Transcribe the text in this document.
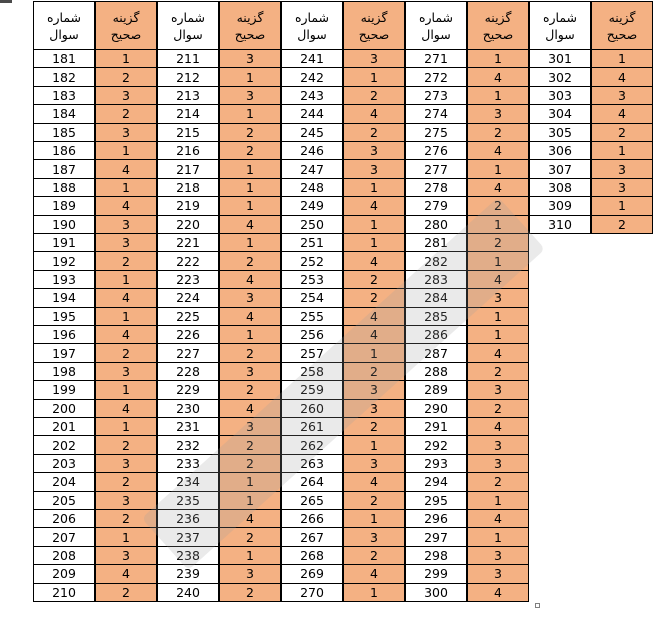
شماره
سوال
181
182
183
184
185
186
187
188
189
190
191
192
193
194
195
196
197
198
199
200
201
202
203
204
205
206
207
208
209
210
گزینه
صحیح
1
2
3
2
3
1
4
1
4
3
3
2
1
4
1
4
2
3
1
4
1
2
3
2
3
2
1
3
4
2
شماره
سوال
211
212
213
214
215
216
217
218
219
220
221
222
223
224
225
226
227
228
229
230
231
232
233
234
235
236
237
238
239
240
گزینه
صحیح
3
1
3
1
2
2
1
1
1
4
1
2
4
3
4
1
2
3
2
4
3
2
2
1
1
4
2
1
3
2
شماره
سوال
241
242
243
244
245
246
247
248
249
250
251
252
253
254
255
256
257
258
259
260
261
262
263
264
265
266
267
268
269
270
گزینه
صحیح
3
1
2
4
2
3
3
1
4
1
1
4
2
2
4
4
1
2
3
3
2
1
3
4
2
1
3
2
4
1
شماره
سوال
271
272
273
274
275
276
277
278
279
280
281
282
283
284
285
286
287
288
289
290
291
292
293
294
295
296
297
298
299
300
گزینه
صحیح
1
4
1
3
2
4
1
4
2
1
2
1
4
3
1
1
4
2
3
2
4
3
3
2
1
4
1
3
3
4
شماره
سوال
301
302
303
304
305
306
307
308
309
310
گزینه
صحیح
1
4
3
4
2
1
3
3
1
2
